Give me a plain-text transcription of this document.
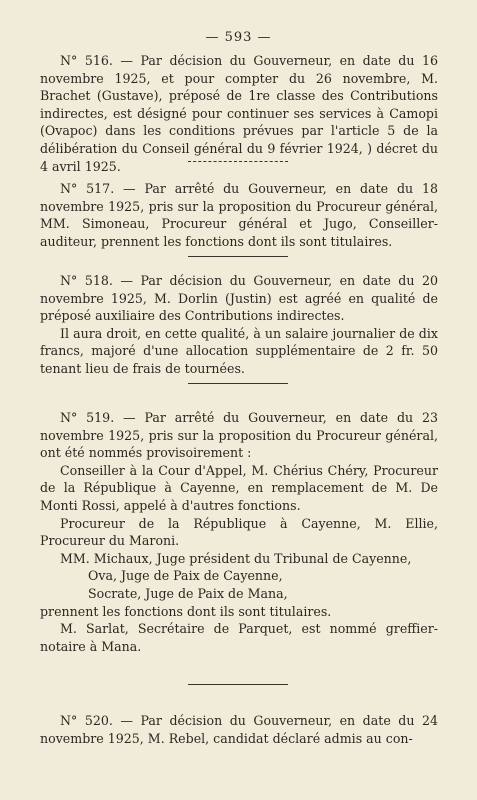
— 593 —

N° 516. — Par décision du Gouverneur, en date du 16 novembre 1925, et pour compter du 26 novembre, M. Brachet (Gustave), préposé de 1re classe des Contributions indirectes, est désigné pour continuer ses services à Camopi (Ovapoc) dans les conditions prévues par l'article 5 de la délibération du Conseil général du 9 février 1924, ) décret du 4 avril 1925.

N° 517. — Par arrêté du Gouverneur, en date du 18 novembre 1925, pris sur la proposition du Procureur général, MM. Simoneau, Procureur général et Jugo, Conseiller-auditeur, prennent les fonctions dont ils sont titulaires.

N° 518. — Par décision du Gouverneur, en date du 20 novembre 1925, M. Dorlin (Justin) est agréé en qualité de préposé auxiliaire des Contributions indirectes.

Il aura droit, en cette qualité, à un salaire journalier de dix francs, majoré d'une allocation supplémentaire de 2 fr. 50 tenant lieu de frais de tournées.

N° 519. — Par arrêté du Gouverneur, en date du 23 novembre 1925, pris sur la proposition du Procureur général, ont été nommés provisoirement :

Conseiller à la Cour d'Appel, M. Chérius Chéry, Procureur de la République à Cayenne, en remplacement de M. De Monti Rossi, appelé à d'autres fonctions.

Procureur de la République à Cayenne, M. Ellie, Procureur du Maroni.

MM. Michaux, Juge président du Tribunal de Cayenne,

Ova, Juge de Paix de Cayenne,

Socrate, Juge de Paix de Mana,

prennent les fonctions dont ils sont titulaires.

M. Sarlat, Secrétaire de Parquet, est nommé greffier-notaire à Mana.

N° 520. — Par décision du Gouverneur, en date du 24 novembre 1925, M. Rebel, candidat déclaré admis au con-
